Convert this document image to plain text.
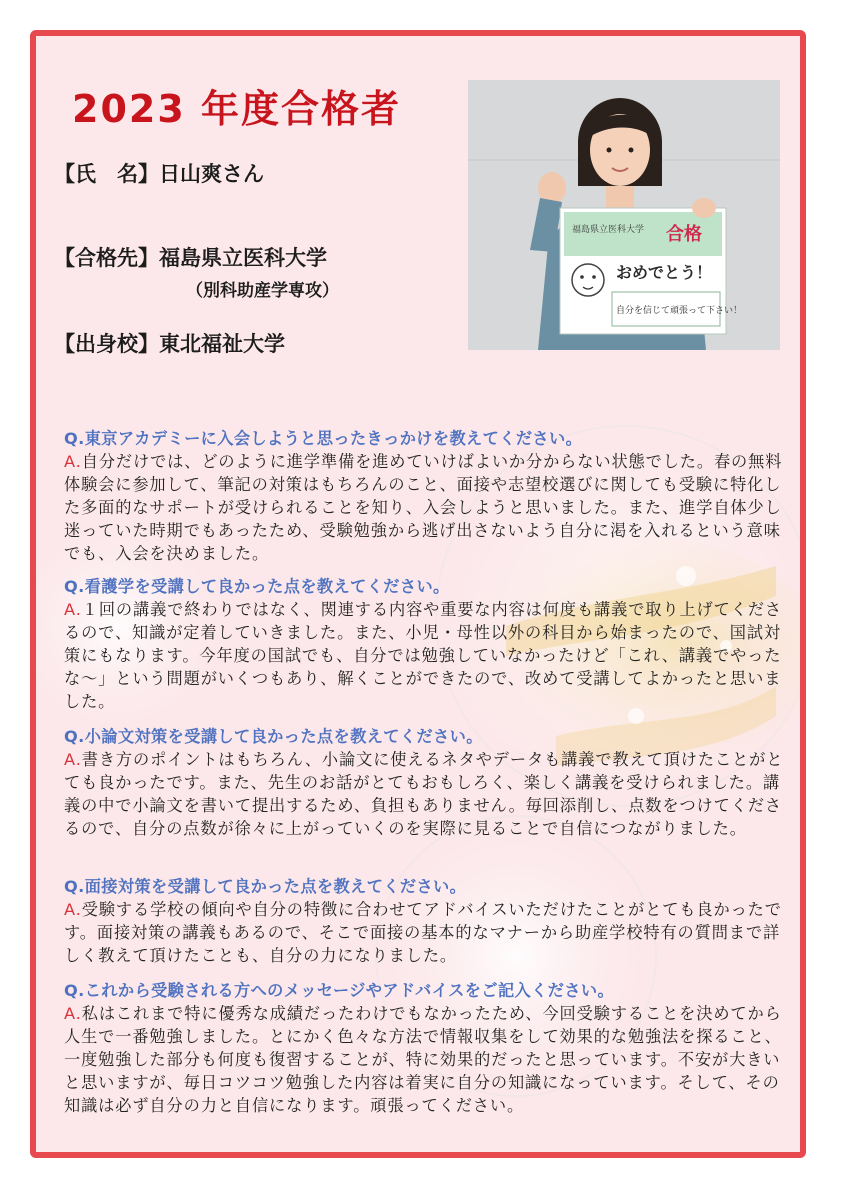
2023 年度合格者
【氏　名】日山爽さん
【合格先】福島県立医科大学
（別科助産学専攻）
【出身校】東北福祉大学
福島県立医科大学 合格
おめでとう！
自分を信じて頑張って下さい！

Q.東京アカデミーに入会しようと思ったきっかけを教えてください。

A.自分だけでは、どのように進学準備を進めていけばよいか分からない状態でした。春の無料体験会に参加して、筆記の対策はもちろんのこと、面接や志望校選びに関しても受験に特化した多面的なサポートが受けられることを知り、入会しようと思いました。また、進学自体少し迷っていた時期でもあったため、受験勉強から逃げ出さないよう自分に渇を入れるという意味でも、入会を決めました。

Q.看護学を受講して良かった点を教えてください。

A.１回の講義で終わりではなく、関連する内容や重要な内容は何度も講義で取り上げてくださるので、知識が定着していきました。また、小児・母性以外の科目から始まったので、国試対策にもなります。今年度の国試でも、自分では勉強していなかったけど「これ、講義でやったな～」という問題がいくつもあり、解くことができたので、改めて受講してよかったと思いました。

Q.小論文対策を受講して良かった点を教えてください。

A.書き方のポイントはもちろん、小論文に使えるネタやデータも講義で教えて頂けたことがとても良かったです。また、先生のお話がとてもおもしろく、楽しく講義を受けられました。講義の中で小論文を書いて提出するため、負担もありません。毎回添削し、点数をつけてくださるので、自分の点数が徐々に上がっていくのを実際に見ることで自信につながりました。

Q.面接対策を受講して良かった点を教えてください。

A.受験する学校の傾向や自分の特徴に合わせてアドバイスいただけたことがとても良かったです。面接対策の講義もあるので、そこで面接の基本的なマナーから助産学校特有の質問まで詳しく教えて頂けたことも、自分の力になりました。

Q.これから受験される方へのメッセージやアドバイスをご記入ください。

A.私はこれまで特に優秀な成績だったわけでもなかったため、今回受験することを決めてから人生で一番勉強しました。とにかく色々な方法で情報収集をして効果的な勉強法を探ること、一度勉強した部分も何度も復習することが、特に効果的だったと思っています。不安が大きいと思いますが、毎日コツコツ勉強した内容は着実に自分の知識になっています。そして、その知識は必ず自分の力と自信になります。頑張ってください。
